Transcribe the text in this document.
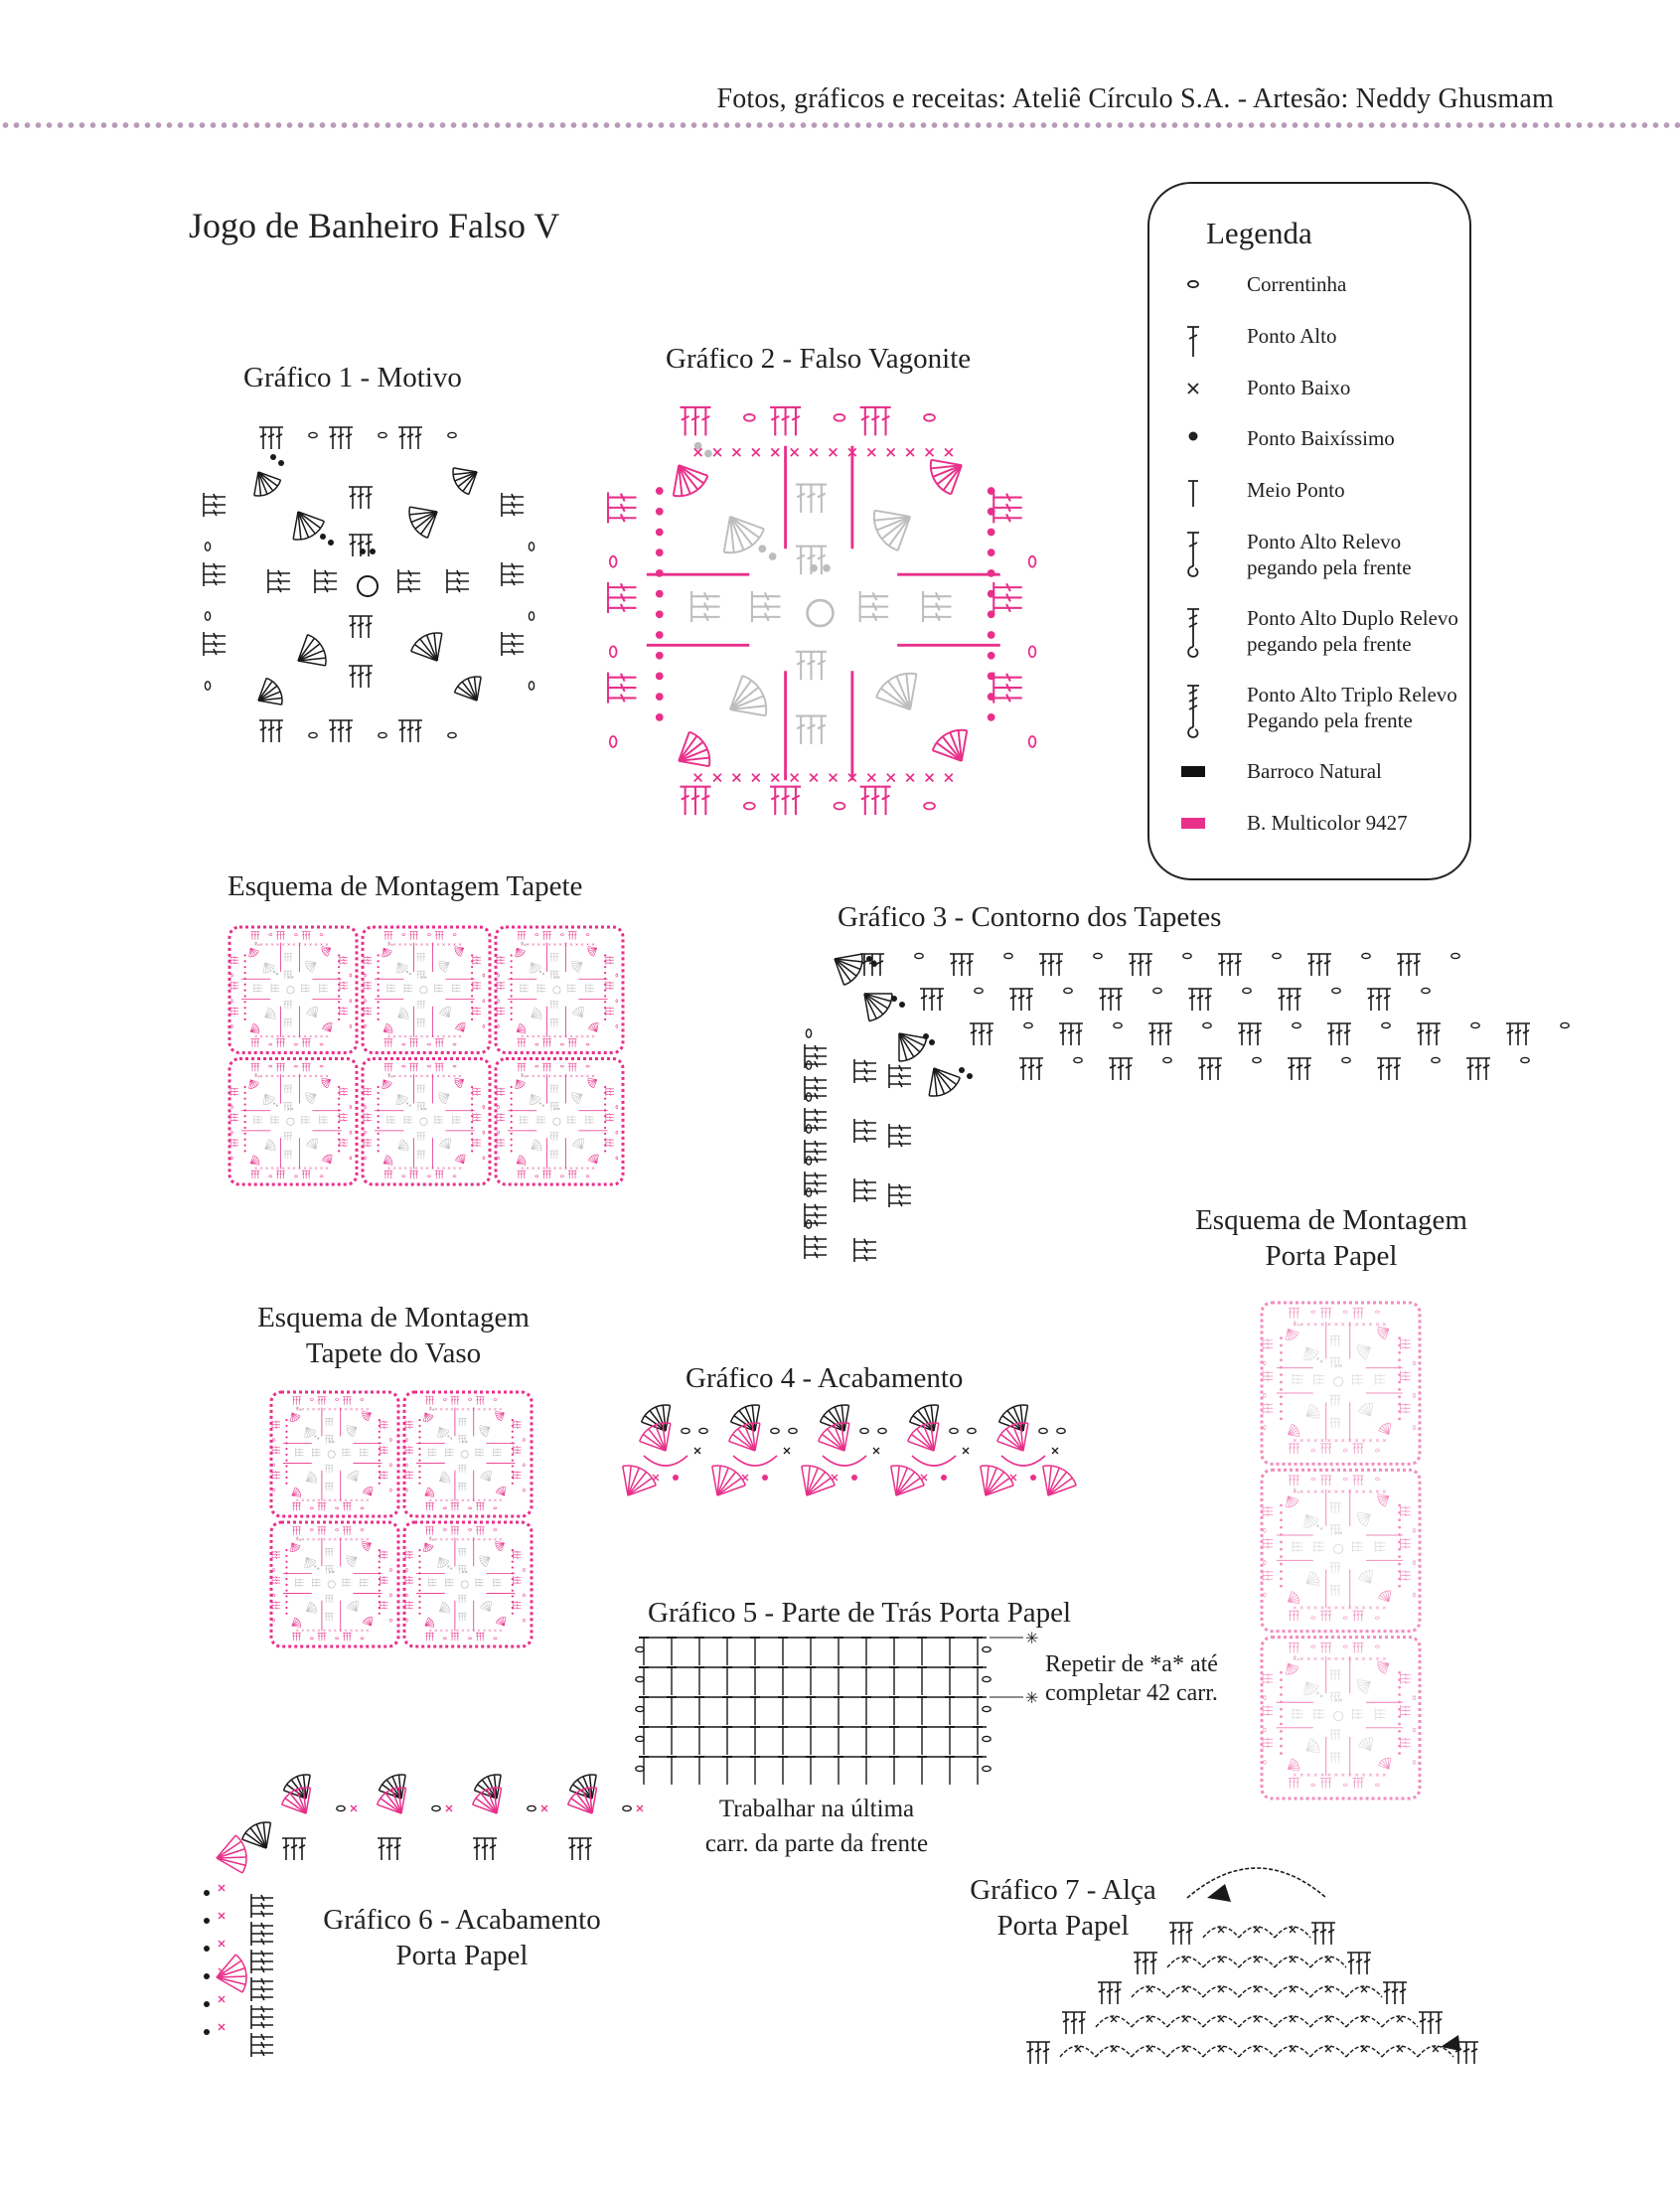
Fotos, gráficos e receitas: Ateliê Círculo S.A. - Artesão: Neddy Ghusmam
Jogo de Banheiro Falso V
Gráfico 1 - Motivo
Gráfico 2 - Falso Vagonite
Esquema de Montagem Tapete
Gráfico 3 - Contorno dos Tapetes
Esquema de Montagem
Porta Papel
Esquema de Montagem
Tapete do Vaso
Gráfico 4 - Acabamento
Gráfico 5 - Parte de Trás Porta Papel
Gráfico 6 - Acabamento
Porta Papel
Gráfico 7 - Alça
Porta Papel
Repetir de *a* até
completar 42 carr.
Trabalhar na última
carr. da parte da frente
Legenda
Correntinha
Ponto Alto
Ponto Baixo
Ponto Baixíssimo
Meio Ponto
Ponto Alto Relevo
pegando pela frente
Ponto Alto Duplo Relevo
pegando pela frente
Ponto Alto Triplo Relevo
Pegando pela frente
Barroco Natural
B. Multicolor 9427
✳
✳
